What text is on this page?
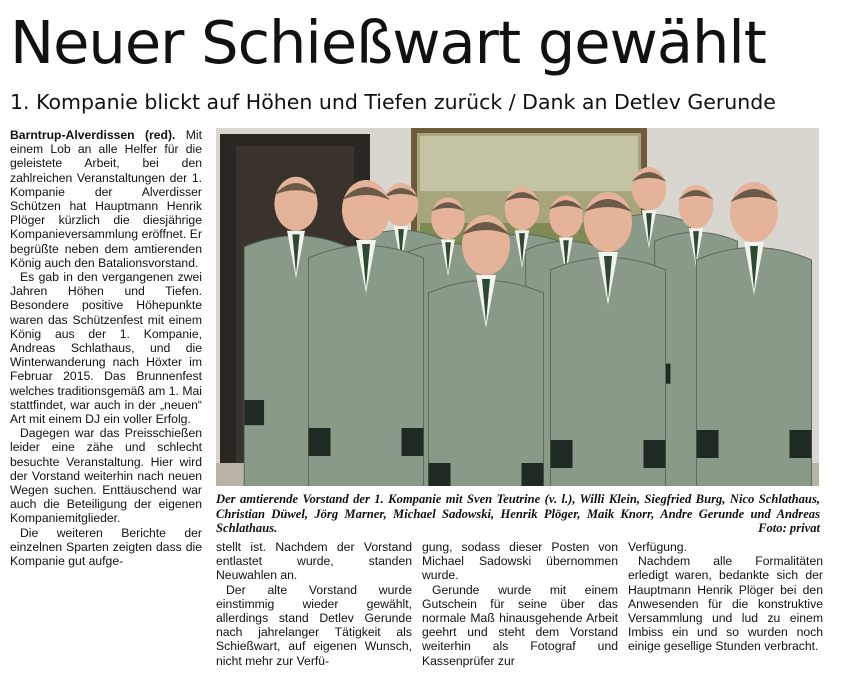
Neuer Schießwart gewählt
1. Kompanie blickt auf Höhen und Tiefen zurück / Dank an Detlev Gerunde

Barntrup-Alverdissen (red). Mit einem Lob an alle Helfer für die geleistete Arbeit, bei den zahlreichen Veranstaltungen der 1. Kompanie der Alverdisser Schützen hat Hauptmann Henrik Plöger kürzlich die diesjährige Kompanieversammlung eröffnet. Er begrüßte neben dem amtierenden König auch den Batalionsvorstand.

Es gab in den vergangenen zwei Jahren Höhen und Tiefen. Besondere positive Höhepunkte waren das Schützenfest mit einem König aus der 1. Kompanie, Andreas Schlathaus, und die Winterwanderung nach Höxter im Februar 2015. Das Brunnenfest welches traditionsgemäß am 1. Mai stattfindet, war auch in der „neuen“ Art mit einem DJ ein voller Erfolg.

Dagegen war das Preisschießen leider eine zähe und schlecht besuchte Veranstaltung. Hier wird der Vorstand weiterhin nach neuen Wegen suchen. Enttäuschend war auch die Beteiligung der eigenen Kompaniemitglieder.

Die weiteren Berichte der einzelnen Sparten zeigten dass die Kompanie gut aufge-

Der amtierende Vorstand der 1. Kompanie mit Sven Teutrine (v. l.), Willi Klein, Siegfried Burg, Nico Schlathaus, Christian Düwel, Jörg Marner, Michael Sadowski, Henrik Plöger, Maik Knorr, Andre Gerunde und Andreas Schlathaus.	Foto: privat

stellt ist. Nachdem der Vorstand entlastet wurde, standen Neuwahlen an.

Der alte Vorstand wurde einstimmig wieder gewählt, allerdings stand Detlev Gerunde nach jahrelanger Tätigkeit als Schießwart, auf eigenen Wunsch, nicht mehr zur Verfü-

gung, sodass dieser Posten von Michael Sadowski übernommen wurde.

Gerunde wurde mit einem Gutschein für seine über das normale Maß hinausgehende Arbeit geehrt und steht dem Vorstand weiterhin als Fotograf und Kassenprüfer zur

Verfügung.

Nachdem alle Formalitäten erledigt waren, bedankte sich der Hauptmann Henrik Plöger bei den Anwesenden für die konstruktive Versammlung und lud zu einem Imbiss ein und so wurden noch einige gesellige Stunden verbracht.
